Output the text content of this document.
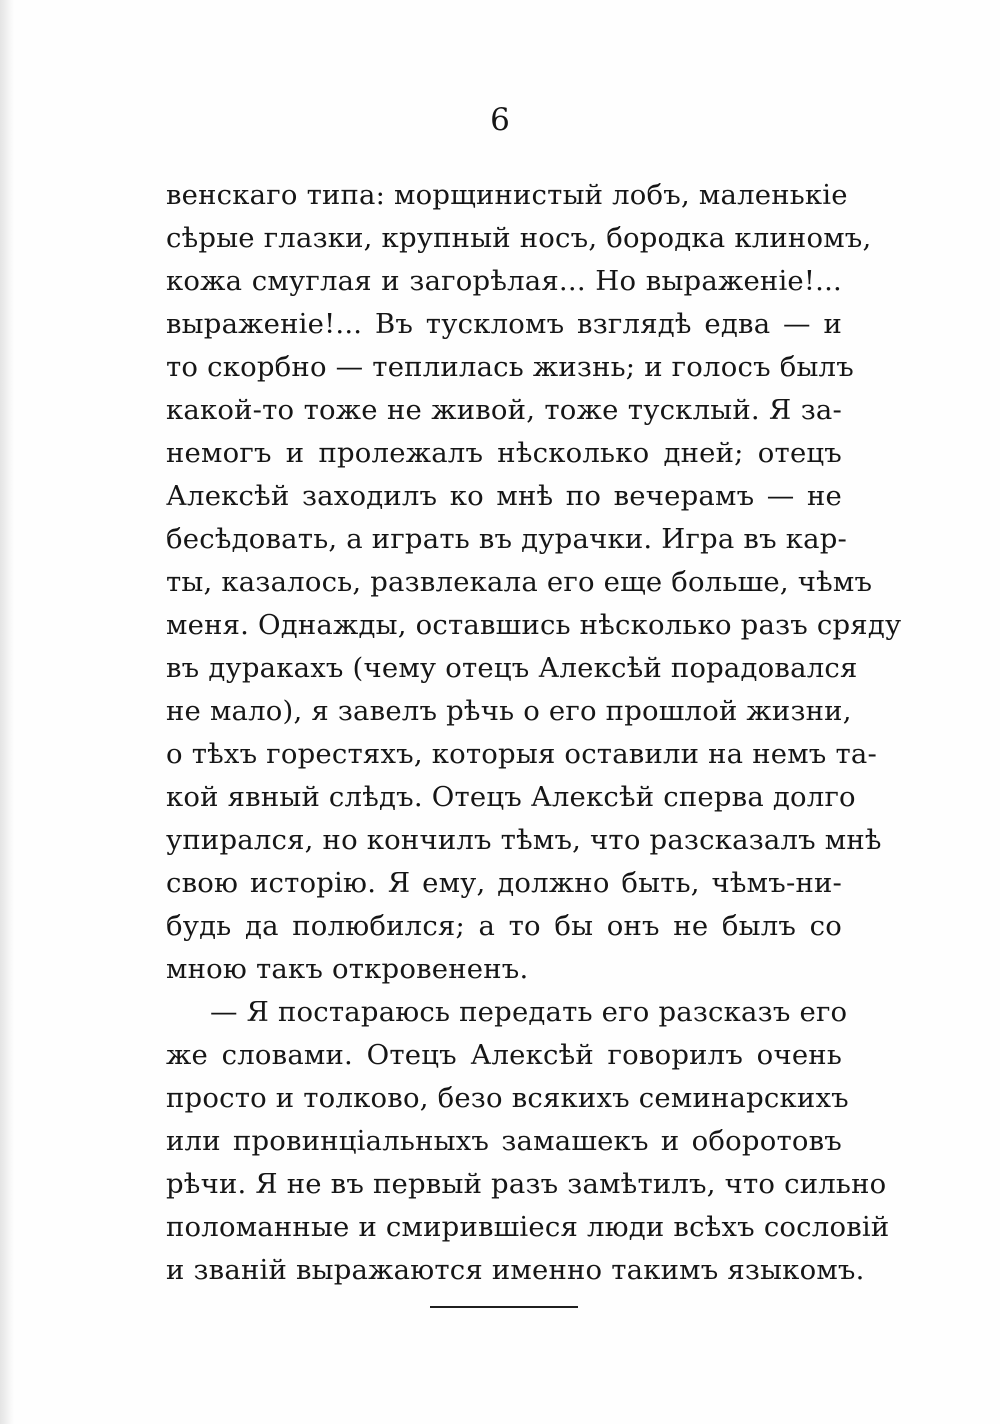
6
венскаго типа: морщинистый лобъ, маленькіе
сѣрые глазки, крупный носъ, бородка клиномъ,
кожа смуглая и загорѣлая... Но выраженіе!...
выраженіе!... Въ тускломъ взглядѣ едва — и
то скорбно — теплилась жизнь; и голосъ былъ
какой-то тоже не живой, тоже тусклый. Я за-
немогъ и пролежалъ нѣсколько дней; отецъ
Алексѣй заходилъ ко мнѣ по вечерамъ — не
бесѣдовать, а играть въ дурачки. Игра въ кар-
ты, казалось, развлекала его еще больше, чѣмъ
меня. Однажды, оставшись нѣсколько разъ сряду
въ дуракахъ (чему отецъ Алексѣй порадовался
не мало), я завелъ рѣчь о его прошлой жизни,
о тѣхъ горестяхъ, которыя оставили на немъ та-
кой явный слѣдъ. Отецъ Алексѣй сперва долго
упирался, но кончилъ тѣмъ, что разсказалъ мнѣ
свою исторію. Я ему, должно быть, чѣмъ-ни-
будь да полюбился; а то бы онъ не былъ со
мною такъ откровененъ.
— Я постараюсь передать его разсказъ его
же словами. Отецъ Алексѣй говорилъ очень
просто и толково, безо всякихъ семинарскихъ
или провинціальныхъ замашекъ и оборотовъ
рѣчи. Я не въ первый разъ замѣтилъ, что сильно
поломанные и смирившіеся люди всѣхъ сословій
и званій выражаются именно такимъ языкомъ.
